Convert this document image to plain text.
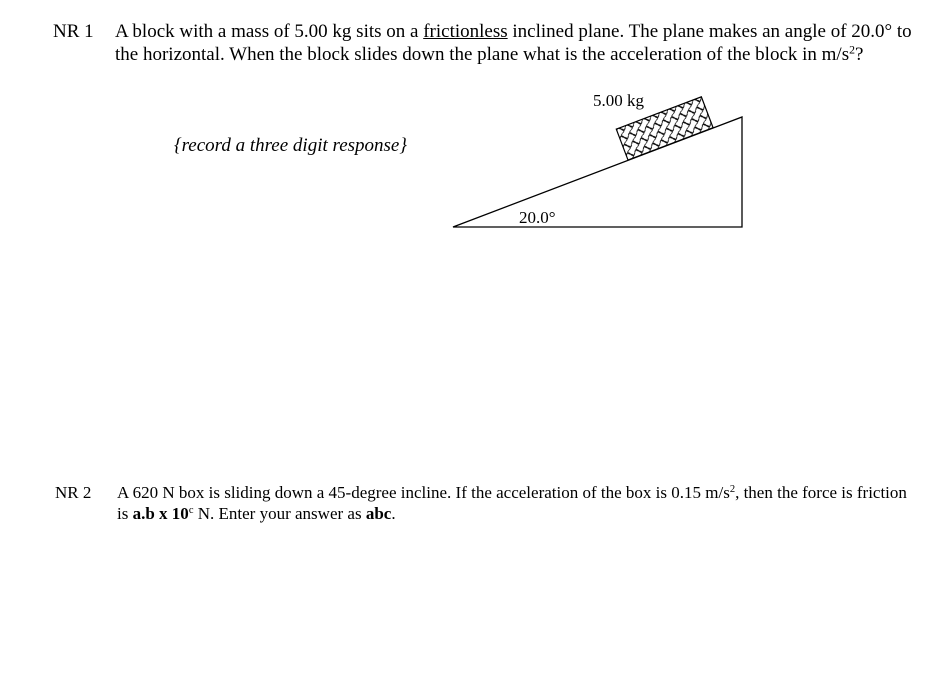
NR 1 A block with a mass of 5.00 kg sits on a frictionless inclined plane. The plane makes an angle of 20.0° to the horizontal. When the block slides down the plane what is the acceleration of the block in $m/s^2$?
{record a three digit response}
5.00 kg
20.0°
NR 2 A 620 N box is sliding down a 45-degree incline. If the acceleration of the box is 0.15 $m/s^2$, then the force is friction is a.b x 10$^c$ N. Enter your answer as abc.
